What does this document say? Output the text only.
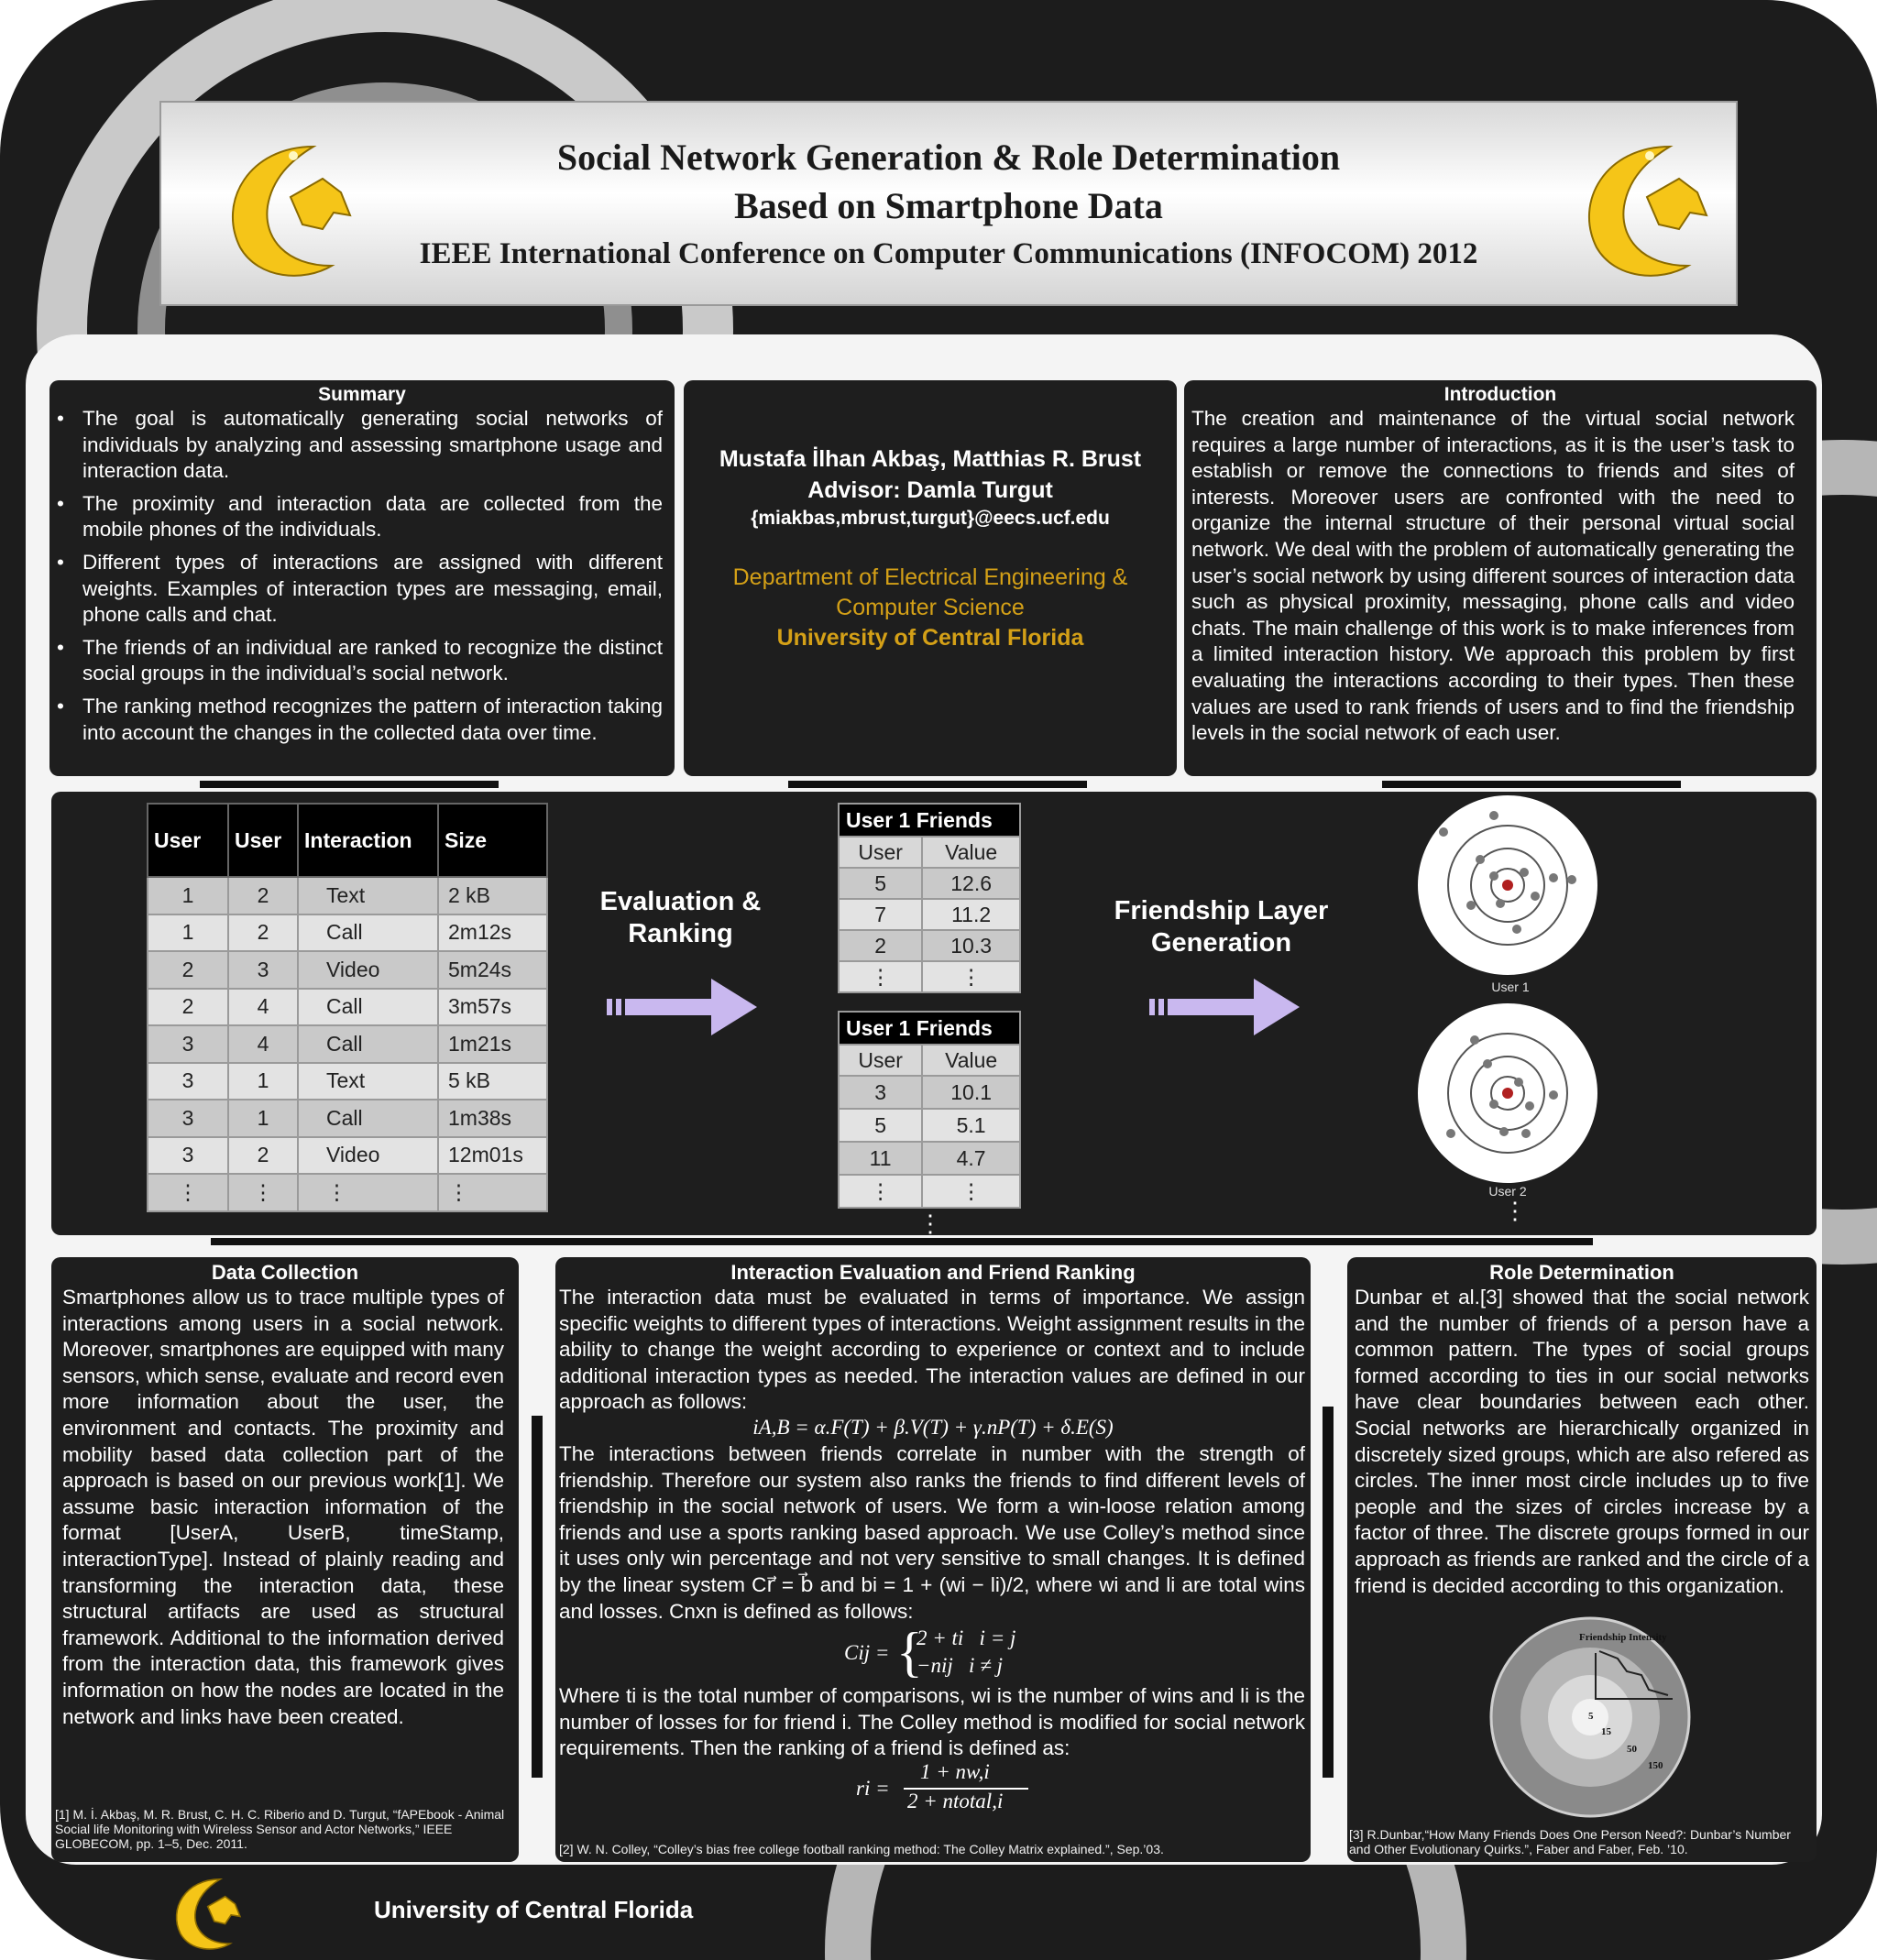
Social Network Generation & Role Determination
Based on Smartphone Data
IEEE International Conference on Computer Communications (INFOCOM) 2012
Summary
• The goal is automatically generating social networks of individuals by analyzing and assessing smartphone usage and interaction data.
• The proximity and interaction data are collected from the mobile phones of the individuals.
• Different types of interactions are assigned with different weights. Examples of interaction types are messaging, email, phone calls and chat.
• The friends of an individual are ranked to recognize the distinct social groups in the individual’s social network.
• The ranking method recognizes the pattern of interaction taking into account the changes in the collected data over time.
Mustafa İlhan Akbaş, Matthias R. Brust
Advisor: Damla Turgut
{miakbas,mbrust,turgut}@eecs.ucf.edu
Department of Electrical Engineering &
Computer Science
University of Central Florida
Introduction
The creation and maintenance of the virtual social network requires a large number of interactions, as it is the user’s task to establish or remove the connections to friends and sites of interests. Moreover users are confronted with the need to organize the internal structure of their personal virtual social network. We deal with the problem of automatically generating the user’s social network by using different sources of interaction data such as physical proximity, messaging, phone calls and video chats. The main challenge of this work is to make inferences from a limited interaction history. We approach this problem by first evaluating the interactions according to their types. Then these values are used to rank friends of users and to find the friendship levels in the social network of each user.
User	User	Interaction	Size
1	2	Text	2 kB
1	2	Call	2m12s
2	3	Video	5m24s
2	4	Call	3m57s
3	4	Call	1m21s
3	1	Text	5 kB
3	1	Call	1m38s
3	2	Video	12m01s
⋮	⋮	⋮	⋮
Evaluation & Ranking
User 1 Friends	
User	Value
5	12.6
7	11.2
2	10.3
⋮	⋮
User 1 Friends	
User	Value
3	10.1
5	5.1
11	4.7
⋮	⋮
⋮
Friendship Layer Generation
User 1
User 2
⋮
Data Collection
Smartphones allow us to trace multiple types of interactions among users in a social network. Moreover, smartphones are equipped with many sensors, which sense, evaluate and record even more information about the user, the environment and contacts. The proximity and mobility based data collection part of the approach is based on our previous work[1]. We assume basic interaction information of the format [UserA, UserB, timeStamp, interactionType]. Instead of plainly reading and transforming the interaction data, these structural artifacts are used as structural framework. Additional to the information derived from the interaction data, this framework gives information on how the nodes are located in the network and links have been created.
[1] M. İ. Akbaş, M. R. Brust, C. H. C. Riberio and D. Turgut, “fAPEbook - Animal Social life Monitoring with Wireless Sensor and Actor Networks,” IEEE GLOBECOM, pp. 1–5, Dec. 2011.
Interaction Evaluation and Friend Ranking
The interaction data must be evaluated in terms of importance. We assign specific weights to different types of interactions. Weight assignment results in the ability to change the weight according to experience or context and to include additional interaction types as needed. The interaction values are defined in our approach as follows:
iA,B = α.F(T) + β.V(T) + γ.nP(T) + δ.E(S)
The interactions between friends correlate in number with the strength of friendship. Therefore our system also ranks the friends to find different levels of friendship in the social network of users. We form a win-loose relation among friends and use a sports ranking based approach. We use Colley’s method since it uses only win percentage and not very sensitive to small changes. It is defined by the linear system Cr⃗ = b⃗ and bi = 1 + (wi − li)/2, where wi and li are total wins and losses. Cnxn is defined as follows:
Cij = {
2 + ti   i = j
−nij   i ≠ j
Where ti is the total number of comparisons, wi is the number of wins and li is the number of losses for for friend i. The Colley method is modified for social network requirements. Then the ranking of a friend is defined as:
ri =
1 + nw,i
2 + ntotal,i
[2] W. N. Colley, “Colley’s bias free college football ranking method: The Colley Matrix explained.”, Sep.’03.
Role Determination
Dunbar et al.[3] showed that the social network and the number of friends of a person have a common pattern. The types of social groups formed according to ties in our social networks have clear boundaries between each other. Social networks are hierarchically organized in discretely sized groups, which are also refered as circles. The inner most circle includes up to five people and the sizes of circles increase by a factor of three. The discrete groups formed in our approach as friends are ranked and the circle of a friend is decided according to this organization.
Friendship Intensity
5
15
50
150
[3] R.Dunbar,“How Many Friends Does One Person Need?: Dunbar’s Number and Other Evolutionary Quirks.”, Faber and Faber, Feb. ’10.
University of Central Florida
